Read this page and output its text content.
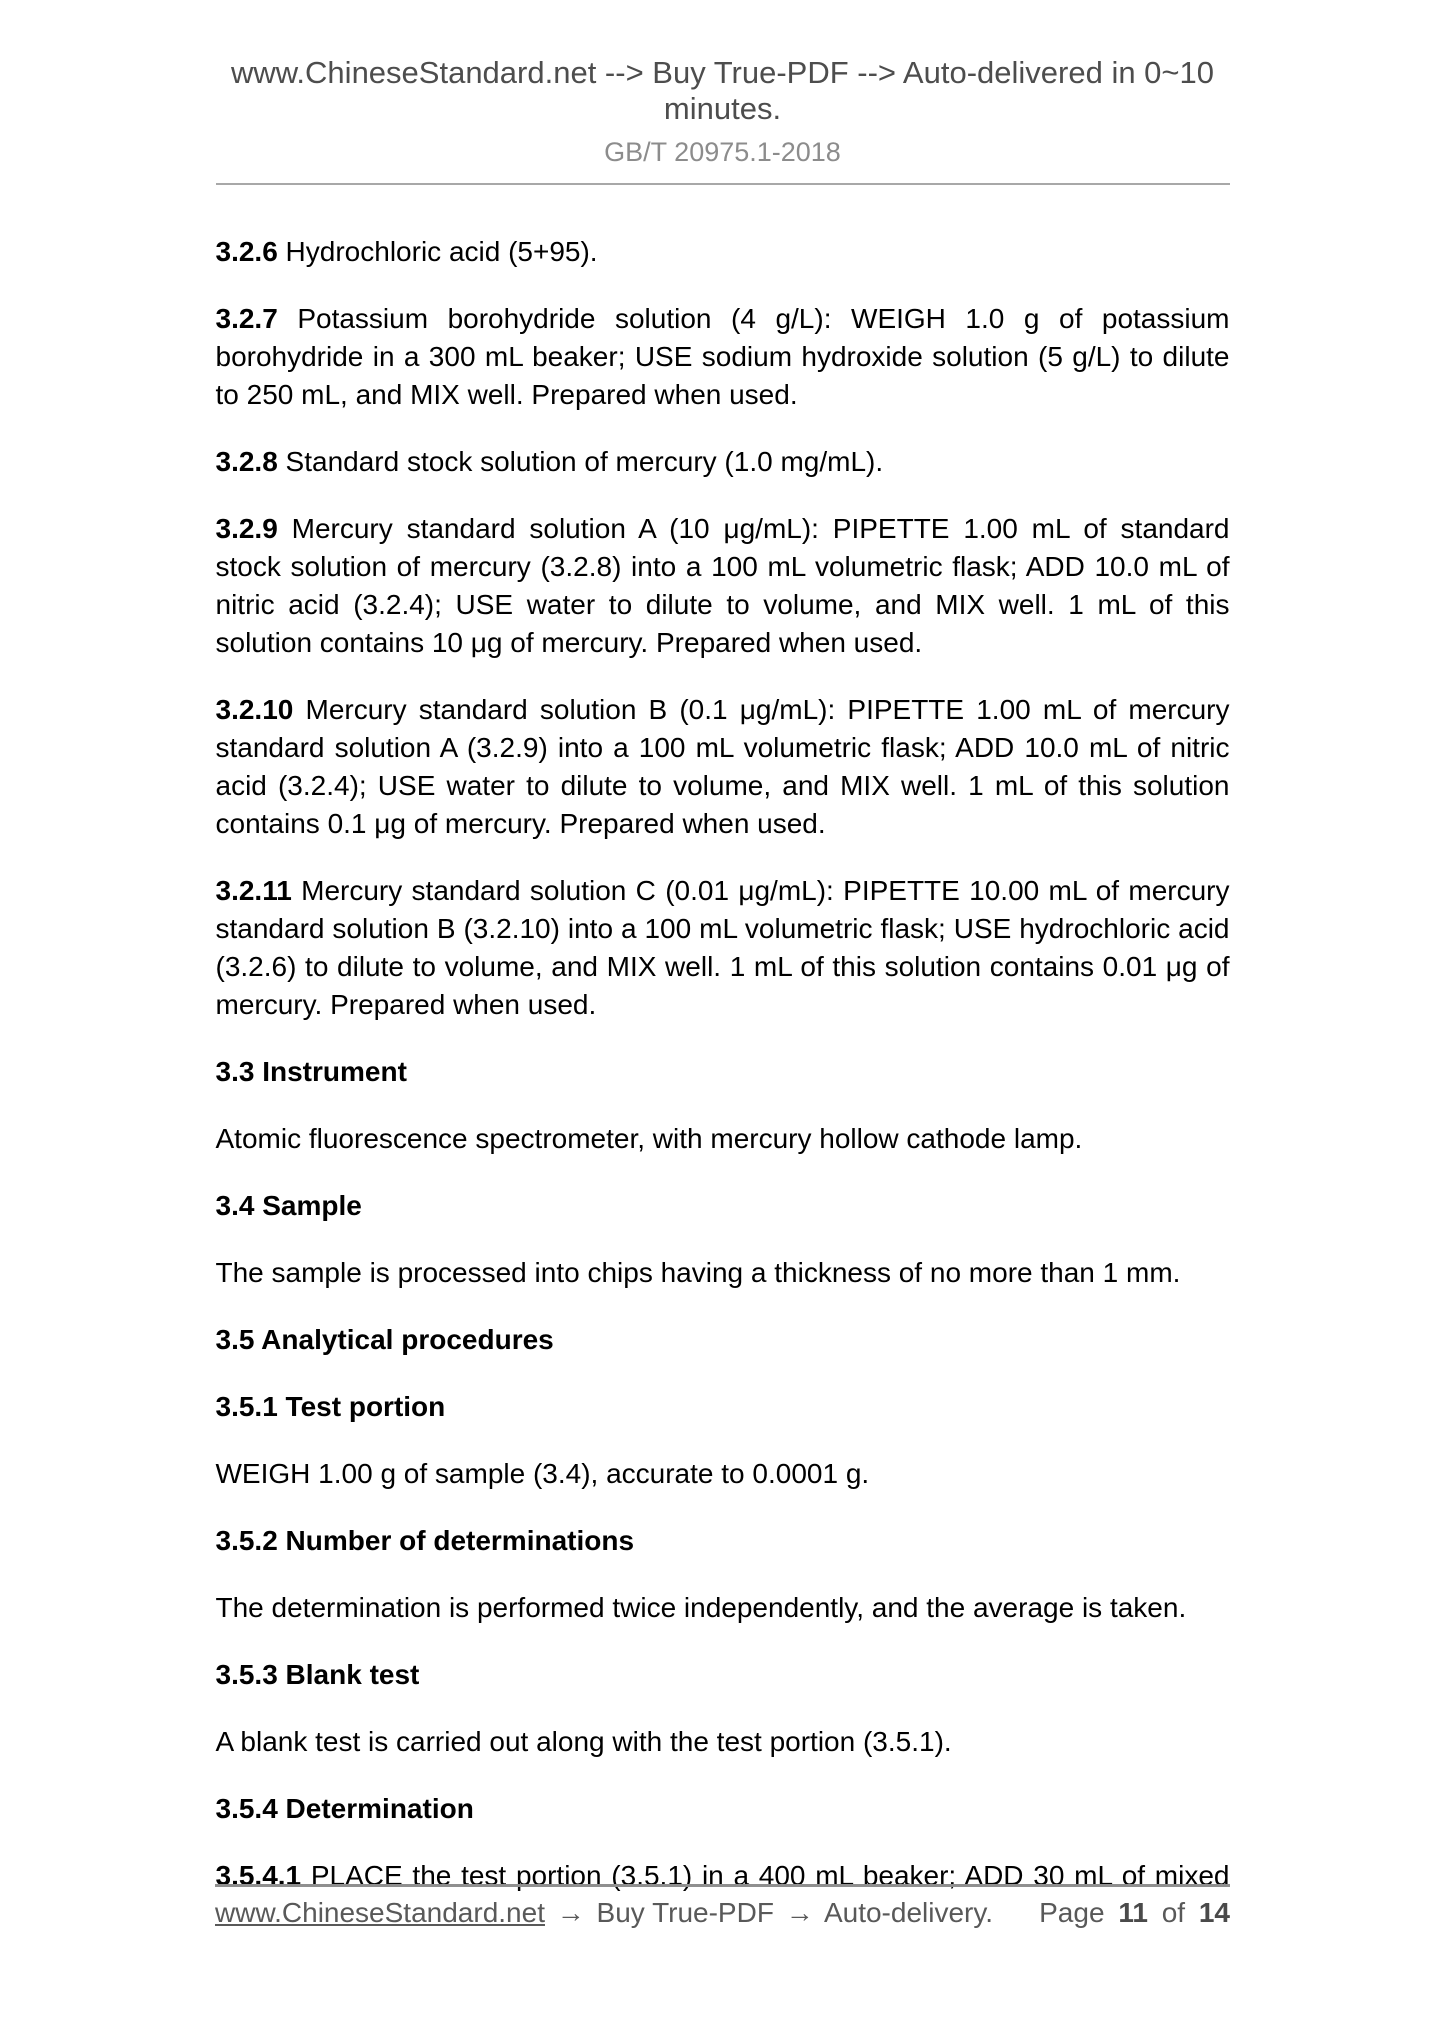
www.ChineseStandard.net --> Buy True-PDF --> Auto-delivered in 0~10 minutes.
GB/T 20975.1-2018

3.2.6 Hydrochloric acid (5+95).

3.2.7 Potassium borohydride solution (4 g/L): WEIGH 1.0 g of potassium borohydride in a 300 mL beaker; USE sodium hydroxide solution (5 g/L) to dilute to 250 mL, and MIX well. Prepared when used.

3.2.8 Standard stock solution of mercury (1.0 mg/mL).

3.2.9 Mercury standard solution A (10 μg/mL): PIPETTE 1.00 mL of standard stock solution of mercury (3.2.8) into a 100 mL volumetric flask; ADD 10.0 mL of nitric acid (3.2.4); USE water to dilute to volume, and MIX well. 1 mL of this solution contains 10 μg of mercury. Prepared when used.

3.2.10 Mercury standard solution B (0.1 μg/mL): PIPETTE 1.00 mL of mercury standard solution A (3.2.9) into a 100 mL volumetric flask; ADD 10.0 mL of nitric acid (3.2.4); USE water to dilute to volume, and MIX well. 1 mL of this solution contains 0.1 μg of mercury. Prepared when used.

3.2.11 Mercury standard solution C (0.01 μg/mL): PIPETTE 10.00 mL of mercury standard solution B (3.2.10) into a 100 mL volumetric flask; USE hydrochloric acid (3.2.6) to dilute to volume, and MIX well. 1 mL of this solution contains 0.01 μg of mercury. Prepared when used.

3.3 Instrument

Atomic fluorescence spectrometer, with mercury hollow cathode lamp.

3.4 Sample

The sample is processed into chips having a thickness of no more than 1 mm.

3.5 Analytical procedures

3.5.1 Test portion

WEIGH 1.00 g of sample (3.4), accurate to 0.0001 g.

3.5.2 Number of determinations

The determination is performed twice independently, and the average is taken.

3.5.3 Blank test

A blank test is carried out along with the test portion (3.5.1).

3.5.4 Determination

3.5.4.1 PLACE the test portion (3.5.1) in a 400 mL beaker; ADD 30 mL of mixed

www.ChineseStandard.net → Buy True-PDF → Auto-delivery. Page 11 of 14
